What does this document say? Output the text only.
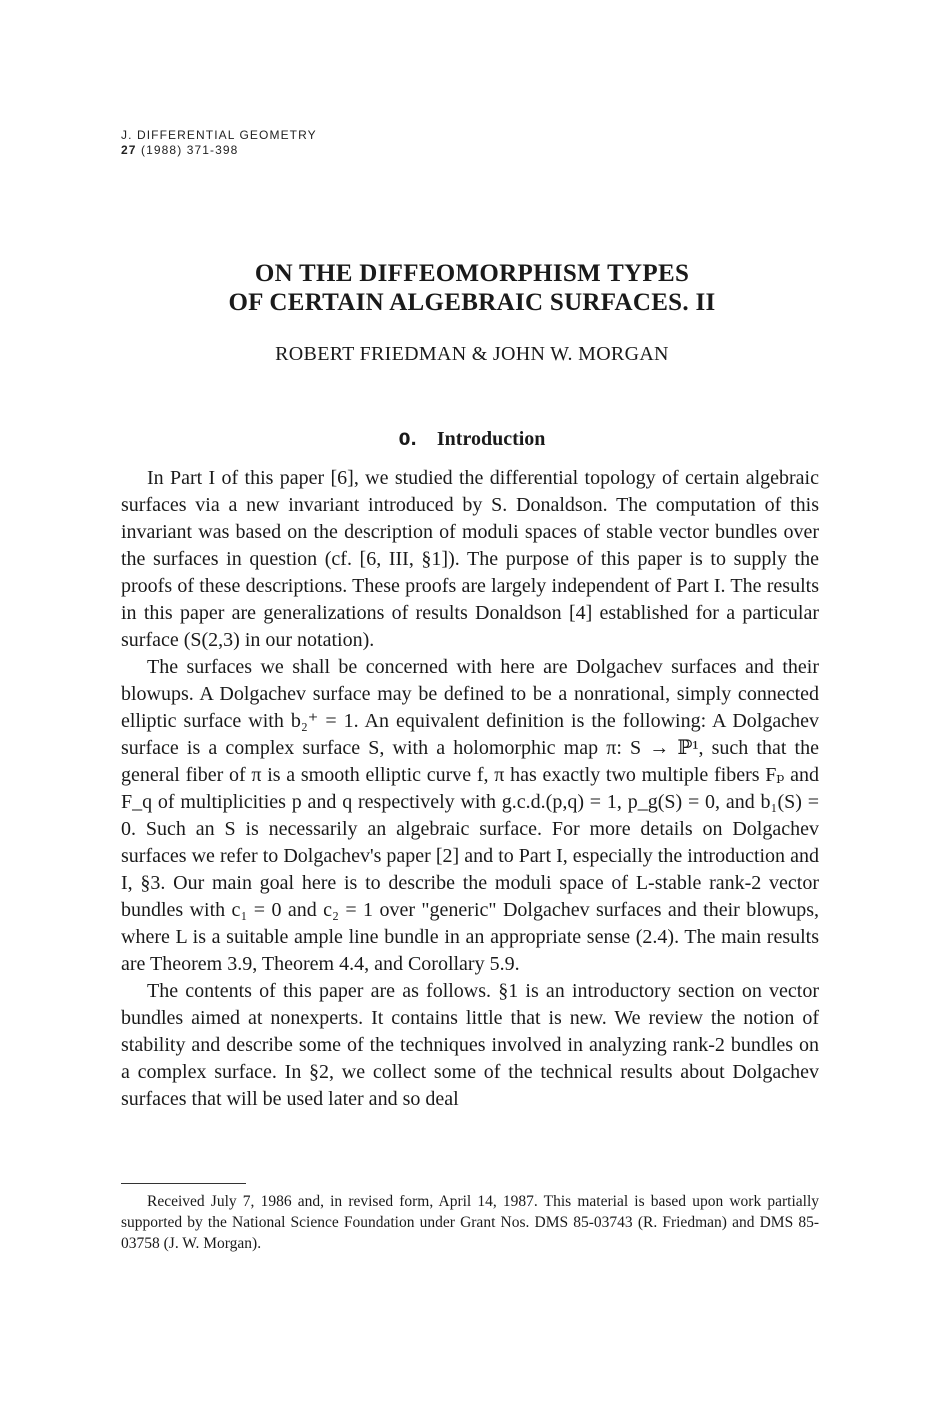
J. DIFFERENTIAL GEOMETRY
27 (1988) 371-398
ON THE DIFFEOMORPHISM TYPES
OF CERTAIN ALGEBRAIC SURFACES. II
ROBERT FRIEDMAN & JOHN W. MORGAN
0. Introduction

In Part I of this paper [6], we studied the differential topology of certain algebraic surfaces via a new invariant introduced by S. Donaldson. The computation of this invariant was based on the description of moduli spaces of stable vector bundles over the surfaces in question (cf. [6, III, §1]). The purpose of this paper is to supply the proofs of these descriptions. These proofs are largely independent of Part I. The results in this paper are generalizations of results Donaldson [4] established for a particular surface (S(2,3) in our notation).

The surfaces we shall be concerned with here are Dolgachev surfaces and their blowups. A Dolgachev surface may be defined to be a nonrational, simply connected elliptic surface with b₂⁺ = 1. An equivalent definition is the following: A Dolgachev surface is a complex surface S, with a holomorphic map π: S → ℙ¹, such that the general fiber of π is a smooth elliptic curve f, π has exactly two multiple fibers Fₚ and F_q of multiplicities p and q respectively with g.c.d.(p,q) = 1, p_g(S) = 0, and b₁(S) = 0. Such an S is necessarily an algebraic surface. For more details on Dolgachev surfaces we refer to Dolgachev's paper [2] and to Part I, especially the introduction and I, §3. Our main goal here is to describe the moduli space of L-stable rank-2 vector bundles with c₁ = 0 and c₂ = 1 over "generic" Dolgachev surfaces and their blowups, where L is a suitable ample line bundle in an appropriate sense (2.4). The main results are Theorem 3.9, Theorem 4.4, and Corollary 5.9.

The contents of this paper are as follows. §1 is an introductory section on vector bundles aimed at nonexperts. It contains little that is new. We review the notion of stability and describe some of the techniques involved in analyzing rank-2 bundles on a complex surface. In §2, we collect some of the technical results about Dolgachev surfaces that will be used later and so deal

Received July 7, 1986 and, in revised form, April 14, 1987. This material is based upon work partially supported by the National Science Foundation under Grant Nos. DMS 85-03743 (R. Friedman) and DMS 85-03758 (J. W. Morgan).
